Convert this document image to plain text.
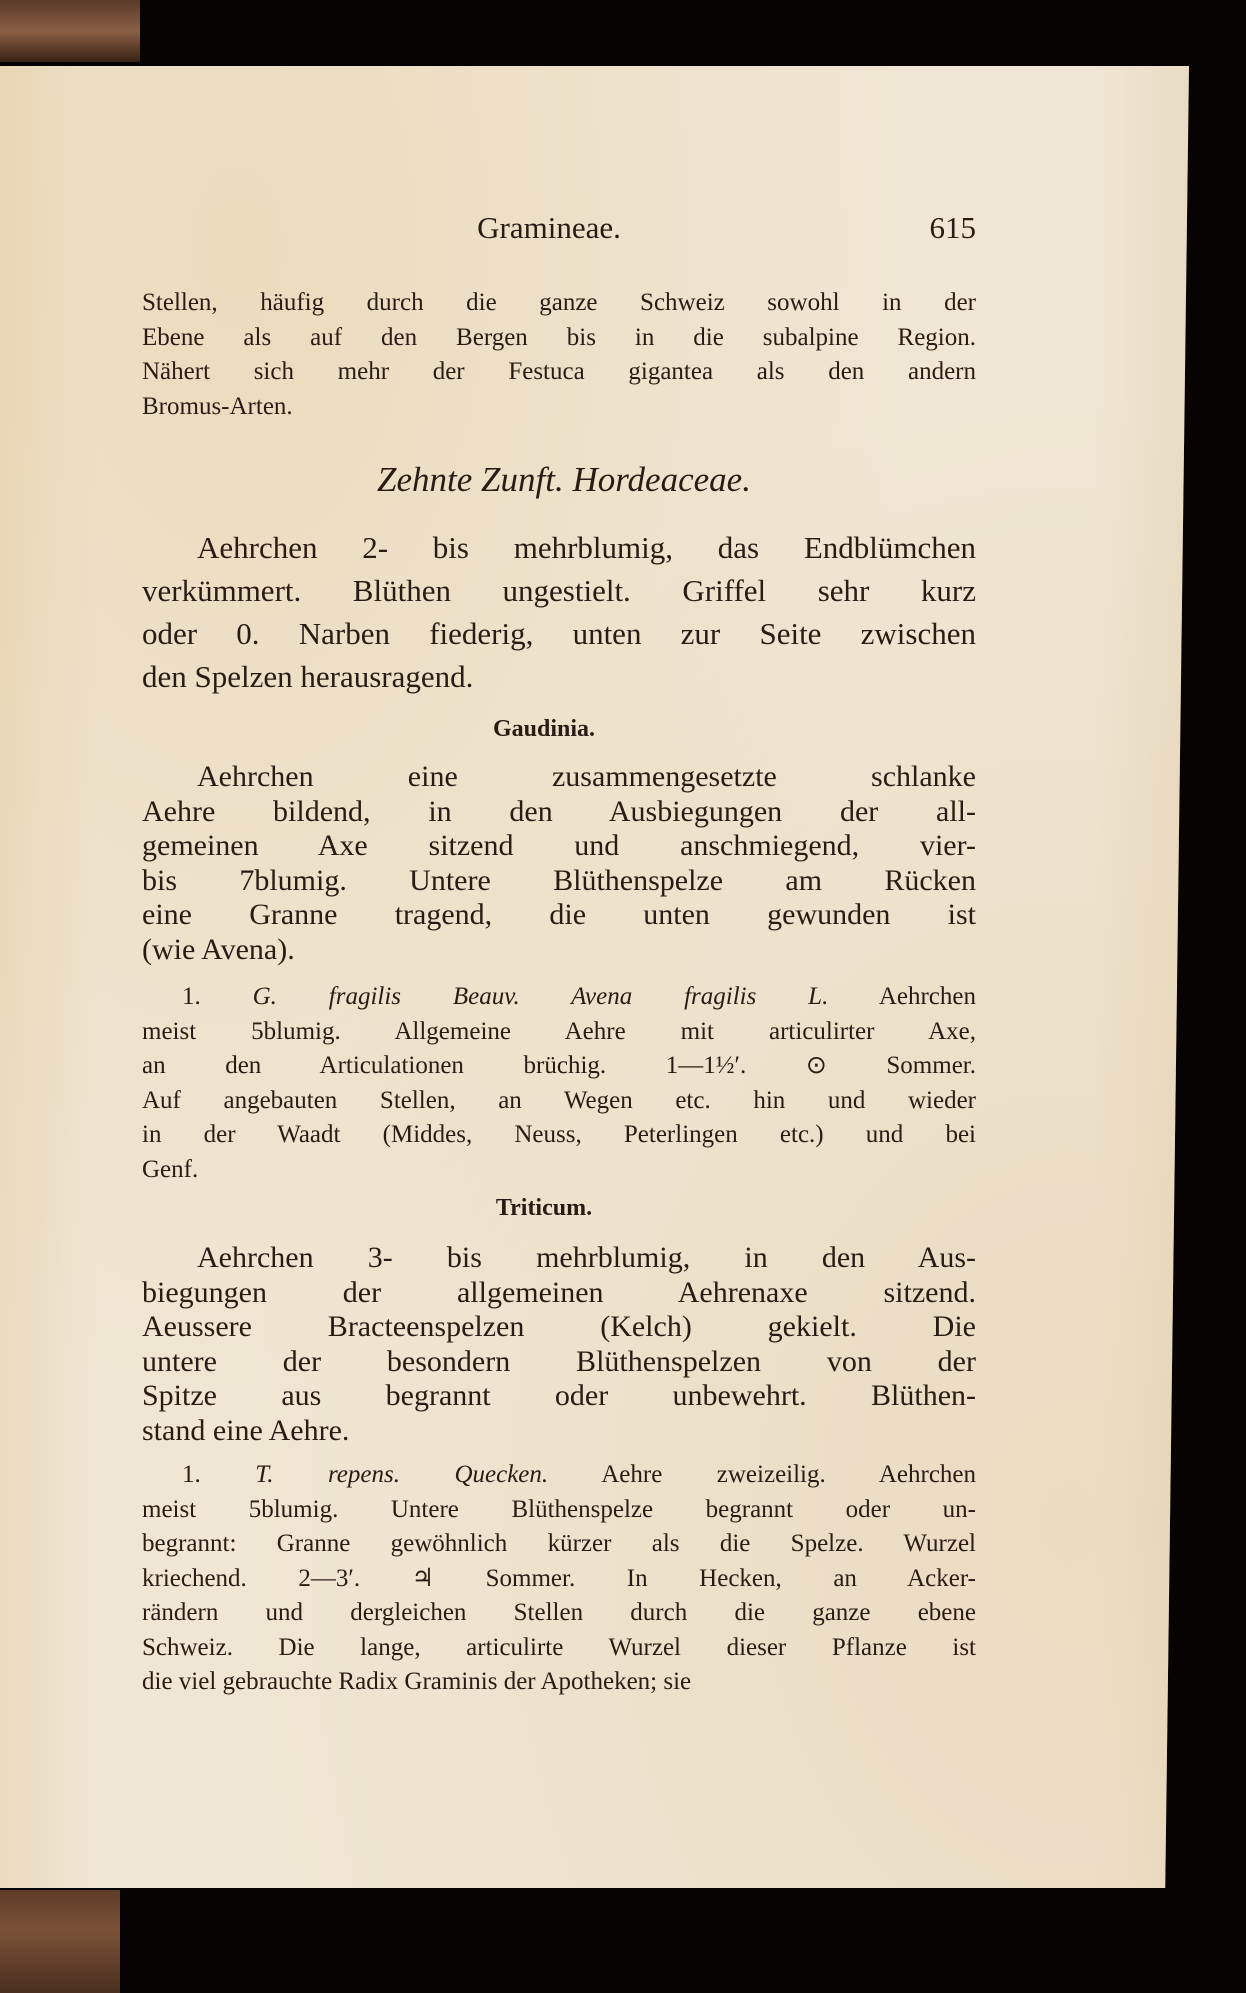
Gramineae.	615
Stellen, häufig durch die ganze Schweiz sowohl in der
Ebene als auf den Bergen bis in die subalpine Region.
Nähert sich mehr der Festuca gigantea als den andern
Bromus-Arten.
Zehnte Zunft. Hordeaceae.
Aehrchen 2- bis mehrblumig, das Endblümchen
verkümmert. Blüthen ungestielt. Griffel sehr kurz
oder 0. Narben fiederig, unten zur Seite zwischen
den Spelzen herausragend.
Gaudinia.
Aehrchen eine zusammengesetzte schlanke
Aehre bildend, in den Ausbiegungen der all-
gemeinen Axe sitzend und anschmiegend, vier-
bis 7blumig. Untere Blüthenspelze am Rücken
eine Granne tragend, die unten gewunden ist
(wie Avena).
1. G. fragilis Beauv. Avena fragilis L. Aehrchen
meist 5blumig. Allgemeine Aehre mit articulirter Axe,
an den Articulationen brüchig. 1—1½′. ⊙ Sommer.
Auf angebauten Stellen, an Wegen etc. hin und wieder
in der Waadt (Middes, Neuss, Peterlingen etc.) und bei
Genf.
Triticum.
Aehrchen 3- bis mehrblumig, in den Aus-
biegungen der allgemeinen Aehrenaxe sitzend.
Aeussere Bracteenspelzen (Kelch) gekielt. Die
untere der besondern Blüthenspelzen von der
Spitze aus begrannt oder unbewehrt. Blüthen-
stand eine Aehre.
1. T. repens. Quecken. Aehre zweizeilig. Aehrchen
meist 5blumig. Untere Blüthenspelze begrannt oder un-
begrannt: Granne gewöhnlich kürzer als die Spelze. Wurzel
kriechend. 2—3′. ♃ Sommer. In Hecken, an Acker-
rändern und dergleichen Stellen durch die ganze ebene
Schweiz. Die lange, articulirte Wurzel dieser Pflanze ist
die viel gebrauchte Radix Graminis der Apotheken; sie
